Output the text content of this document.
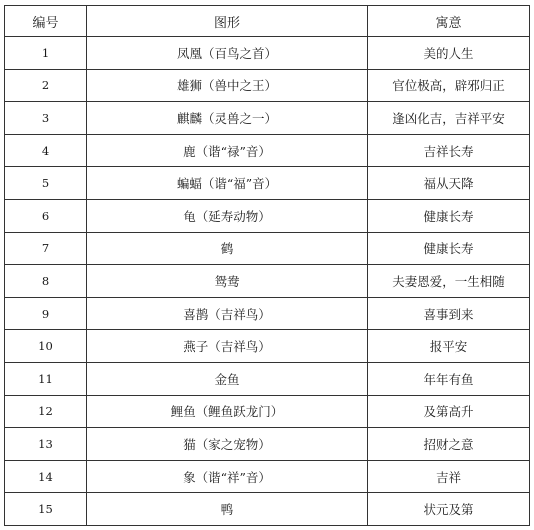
编号	图形	寓意
1	凤凰（百鸟之首）	美的人生
2	雄狮（兽中之王）	官位极高，辟邪归正
3	麒麟（灵兽之一）	逢凶化吉，吉祥平安
4	鹿（谐“禄”音）	吉祥长寿
5	蝙蝠（谐“福”音）	福从天降
6	龟（延寿动物）	健康长寿
7	鹤	健康长寿
8	鸳鸯	夫妻恩爱，一生相随
9	喜鹊（吉祥鸟）	喜事到来
10	燕子（吉祥鸟）	报平安
11	金鱼	年年有鱼
12	鲤鱼（鲤鱼跃龙门）	及第高升
13	猫（家之宠物）	招财之意
14	象（谐“祥”音）	吉祥
15	鸭	状元及第
